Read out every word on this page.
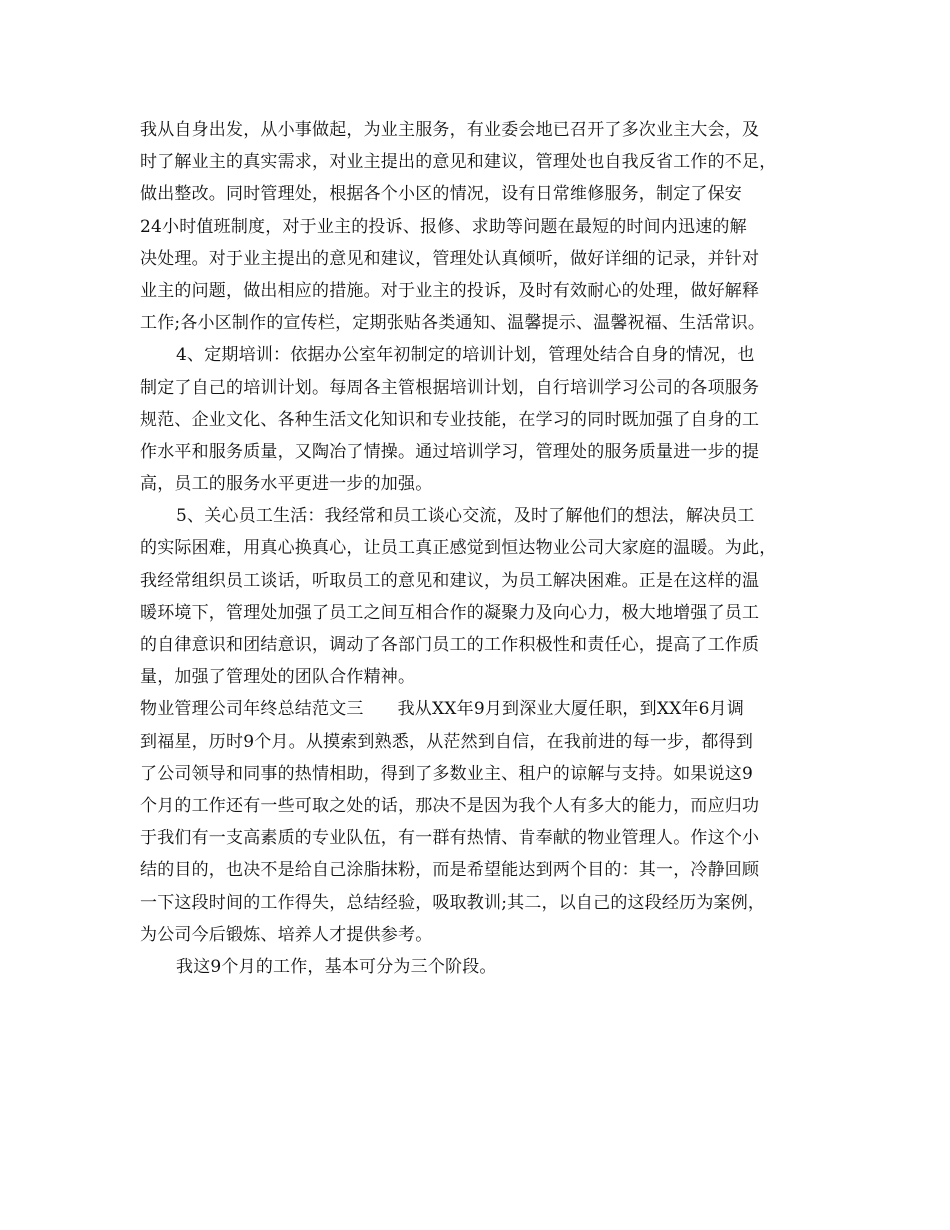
我从自身出发，从小事做起，为业主服务，有业委会地已召开了多次业主大会，及
时了解业主的真实需求，对业主提出的意见和建议，管理处也自我反省工作的不足，
做出整改。同时管理处，根据各个小区的情况，设有日常维修服务，制定了保安
24小时值班制度，对于业主的投诉、报修、求助等问题在最短的时间内迅速的解
决处理。对于业主提出的意见和建议，管理处认真倾听，做好详细的记录，并针对
业主的问题，做出相应的措施。对于业主的投诉，及时有效耐心的处理，做好解释
工作;各小区制作的宣传栏，定期张贴各类通知、温馨提示、温馨祝福、生活常识。
4、定期培训：依据办公室年初制定的培训计划，管理处结合自身的情况，也
制定了自己的培训计划。每周各主管根据培训计划，自行培训学习公司的各项服务
规范、企业文化、各种生活文化知识和专业技能，在学习的同时既加强了自身的工
作水平和服务质量，又陶冶了情操。通过培训学习，管理处的服务质量进一步的提
高，员工的服务水平更进一步的加强。
5、关心员工生活：我经常和员工谈心交流，及时了解他们的想法，解决员工
的实际困难，用真心换真心，让员工真正感觉到恒达物业公司大家庭的温暖。为此，
我经常组织员工谈话，听取员工的意见和建议，为员工解决困难。正是在这样的温
暖环境下，管理处加强了员工之间互相合作的凝聚力及向心力，极大地增强了员工
的自律意识和团结意识，调动了各部门员工的工作积极性和责任心，提高了工作质
量，加强了管理处的团队合作精神。
物业管理公司年终总结范文三 我从XX年9月到深业大厦任职，到XX年6月调
到福星，历时9个月。从摸索到熟悉，从茫然到自信，在我前进的每一步，都得到
了公司领导和同事的热情相助，得到了多数业主、租户的谅解与支持。如果说这9
个月的工作还有一些可取之处的话，那决不是因为我个人有多大的能力，而应归功
于我们有一支高素质的专业队伍，有一群有热情、肯奉献的物业管理人。作这个小
结的目的，也决不是给自己涂脂抹粉，而是希望能达到两个目的：其一，冷静回顾
一下这段时间的工作得失，总结经验，吸取教训;其二，以自己的这段经历为案例，
为公司今后锻炼、培养人才提供参考。
我这9个月的工作，基本可分为三个阶段。
